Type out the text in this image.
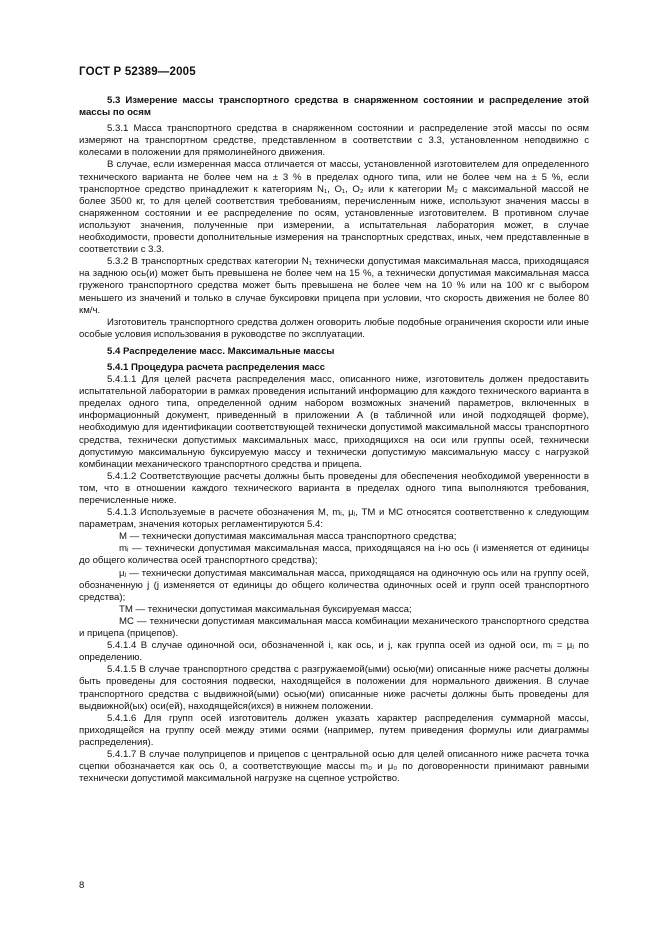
ГОСТ Р 52389—2005

5.3 Измерение массы транспортного средства в снаряженном состоянии и распределение этой массы по осям

5.3.1 Масса транспортного средства в снаряженном состоянии и распределение этой массы по осям измеряют на транспортном средстве, представленном в соответствии с 3.3, установленном неподвижно с колесами в положении для прямолинейного движения.

В случае, если измеренная масса отличается от массы, установленной изготовителем для определенного технического варианта не более чем на ± 3 % в пределах одного типа, или не более чем на ± 5 %, если транспортное средство принадлежит к категориям N₁, O₁, O₂ или к категории M₂ с максимальной массой не более 3500 кг, то для целей соответствия требованиям, перечисленным ниже, используют значения массы в снаряженном состоянии и ее распределение по осям, установленные изготовителем. В противном случае используют значения, полученные при измерении, а испытательная лаборатория может, в случае необходимости, провести дополнительные измерения на транспортных средствах, иных, чем представленные в соответствии с 3.3.

5.3.2 В транспортных средствах категории N₁ технически допустимая максимальная масса, приходящаяся на заднюю ось(и) может быть превышена не более чем на 15 %, а технически допустимая максимальная масса груженого транспортного средства может быть превышена не более чем на 10 % или на 100 кг с выбором меньшего из значений и только в случае буксировки прицепа при условии, что скорость движения не более 80 км/ч.

Изготовитель транспортного средства должен оговорить любые подобные ограничения скорости или иные особые условия использования в руководстве по эксплуатации.

5.4 Распределение масс. Максимальные массы

5.4.1 Процедура расчета распределения масс

5.4.1.1 Для целей расчета распределения масс, описанного ниже, изготовитель должен предоставить испытательной лаборатории в рамках проведения испытаний информацию для каждого технического варианта в пределах одного типа, определенной одним набором возможных значений параметров, включенных в информационный документ, приведенный в приложении А (в табличной или иной подходящей форме), необходимую для идентификации соответствующей технически допустимой максимальной массы транспортного средства, технически допустимых максимальных масс, приходящихся на оси или группы осей, технически допустимую максимальную буксируемую массу и технически допустимую максимальную массу с нагрузкой комбинации механического транспортного средства и прицепа.

5.4.1.2 Соответствующие расчеты должны быть проведены для обеспечения необходимой уверенности в том, что в отношении каждого технического варианта в пределах одного типа выполняются требования, перечисленные ниже.

5.4.1.3 Используемые в расчете обозначения M, mᵢ, μⱼ, TM и MC относятся соответственно к следующим параметрам, значения которых регламентируются 5.4:

M — технически допустимая максимальная масса транспортного средства;

mᵢ — технически допустимая максимальная масса, приходящаяся на i-ю ось (i изменяется от единицы до общего количества осей транспортного средства);

μⱼ — технически допустимая максимальная масса, приходящаяся на одиночную ось или на группу осей, обозначенную j (j изменяется от единицы до общего количества одиночных осей и групп осей транспортного средства);

TM — технически допустимая максимальная буксируемая масса;

MC — технически допустимая максимальная масса комбинации механического транспортного средства и прицепа (прицепов).

5.4.1.4 В случае одиночной оси, обозначенной i, как ось, и j, как группа осей из одной оси, mᵢ = μⱼ по определению.

5.4.1.5 В случае транспортного средства с разгружаемой(ыми) осью(ми) описанные ниже расчеты должны быть проведены для состояния подвески, находящейся в положении для нормального движения. В случае транспортного средства с выдвижной(ыми) осью(ми) описанные ниже расчеты должны быть проведены для выдвижной(ых) оси(ей), находящейся(ихся) в нижнем положении.

5.4.1.6 Для групп осей изготовитель должен указать характер распределения суммарной массы, приходящейся на группу осей между этими осями (например, путем приведения формулы или диаграммы распределения).

5.4.1.7 В случае полуприцепов и прицепов с центральной осью для целей описанного ниже расчета точка сцепки обозначается как ось 0, а соответствующие массы m₀ и μ₀ по договоренности принимают равными технически допустимой максимальной нагрузке на сцепное устройство.

8
